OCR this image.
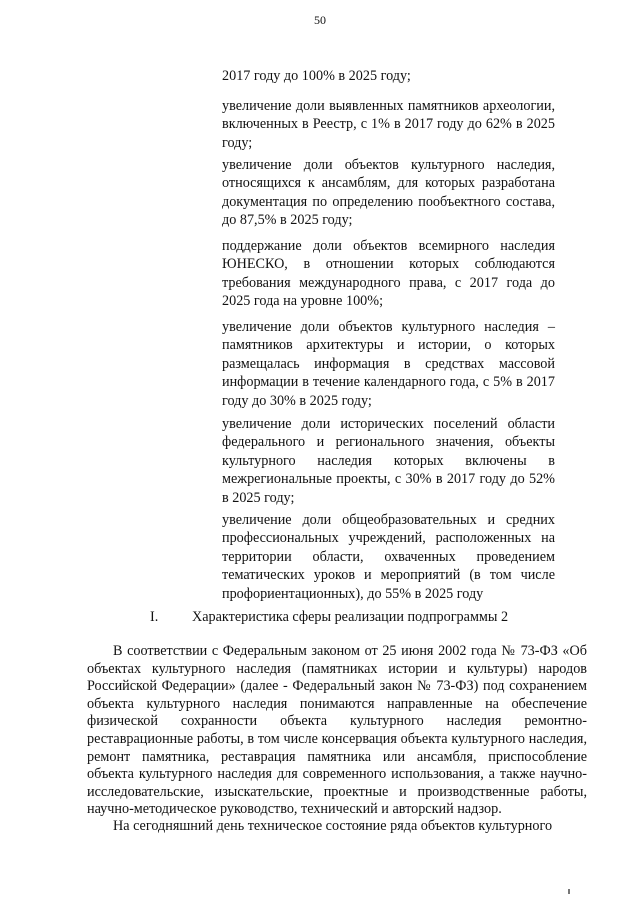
50

2017 году до 100% в 2025 году;

увеличение доли выявленных памятников археологии, включенных в Реестр, с 1% в 2017 году до 62% в 2025 году;

увеличение доли объектов культурного наследия, относящихся к ансамблям, для которых разработана документация по определению пообъектного состава, до 87,5% в 2025 году;

поддержание доли объектов всемирного наследия ЮНЕСКО, в отношении которых соблюдаются требования международного права, с 2017 года до 2025 года на уровне 100%;

увеличение доли объектов культурного наследия – памятников архитектуры и истории, о которых размещалась информация в средствах массовой информации в течение календарного года, с 5% в 2017 году до 30% в 2025 году;

увеличение доли исторических поселений области федерального и регионального значения, объекты культурного наследия которых включены в межрегиональные проекты, с 30% в 2017 году до 52% в 2025 году;

увеличение доли общеобразовательных и средних профессиональных учреждений, расположенных на территории области, охваченных проведением тематических уроков и мероприятий (в том числе профориентационных), до 55% в 2025 году

I. Характеристика сферы реализации подпрограммы 2

В соответствии с Федеральным законом от 25 июня 2002 года № 73-ФЗ «Об объектах культурного наследия (памятниках истории и культуры) народов Российской Федерации» (далее - Федеральный закон № 73-ФЗ) под сохранением объекта культурного наследия понимаются направленные на обеспечение физической сохранности объекта культурного наследия ремонтно-реставрационные работы, в том числе консервация объекта культурного наследия, ремонт памятника, реставрация памятника или ансамбля, приспособление объекта культурного наследия для современного использования, а также научно-исследовательские, изыскательские, проектные и производственные работы, научно-методическое руководство, технический и авторский надзор.

На сегодняшний день техническое состояние ряда объектов культурного
